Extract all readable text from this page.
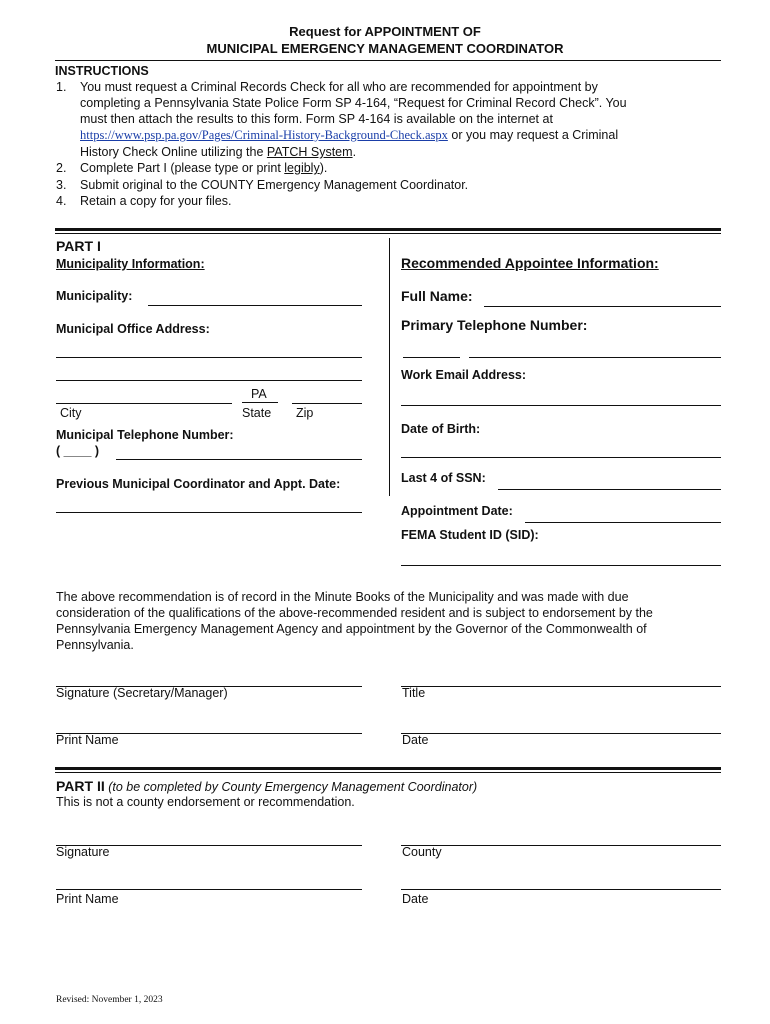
Request for APPOINTMENT OF
MUNICIPAL EMERGENCY MANAGEMENT COORDINATOR
INSTRUCTIONS
1. You must request a Criminal Records Check for all who are recommended for appointment by
completing a Pennsylvania State Police Form SP 4-164, “Request for Criminal Record Check”. You
must then attach the results to this form. Form SP 4-164 is available on the internet at
https://www.psp.pa.gov/Pages/Criminal-History-Background-Check.aspx or you may request a Criminal
History Check Online utilizing the PATCH System.
2. Complete Part I (please type or print legibly).
3. Submit original to the COUNTY Emergency Management Coordinator.
4. Retain a copy for your files.
PART I
Municipality Information:
Municipality:
Municipal Office Address:
PA
City	State Zip
Municipal Telephone Number:
( ____ )
Previous Municipal Coordinator and Appt. Date:
Recommended Appointee Information:
Full Name:
Primary Telephone Number:
Work Email Address:
Date of Birth:
Last 4 of SSN:
Appointment Date:
FEMA Student ID (SID):
The above recommendation is of record in the Minute Books of the Municipality and was made with due
consideration of the qualifications of the above-recommended resident and is subject to endorsement by the
Pennsylvania Emergency Management Agency and appointment by the Governor of the Commonwealth of
Pennsylvania.
Signature (Secretary/Manager)	Title
Print Name	Date
PART II (to be completed by County Emergency Management Coordinator)
This is not a county endorsement or recommendation.
Signature	County
Print Name	Date
Revised: November 1, 2023
